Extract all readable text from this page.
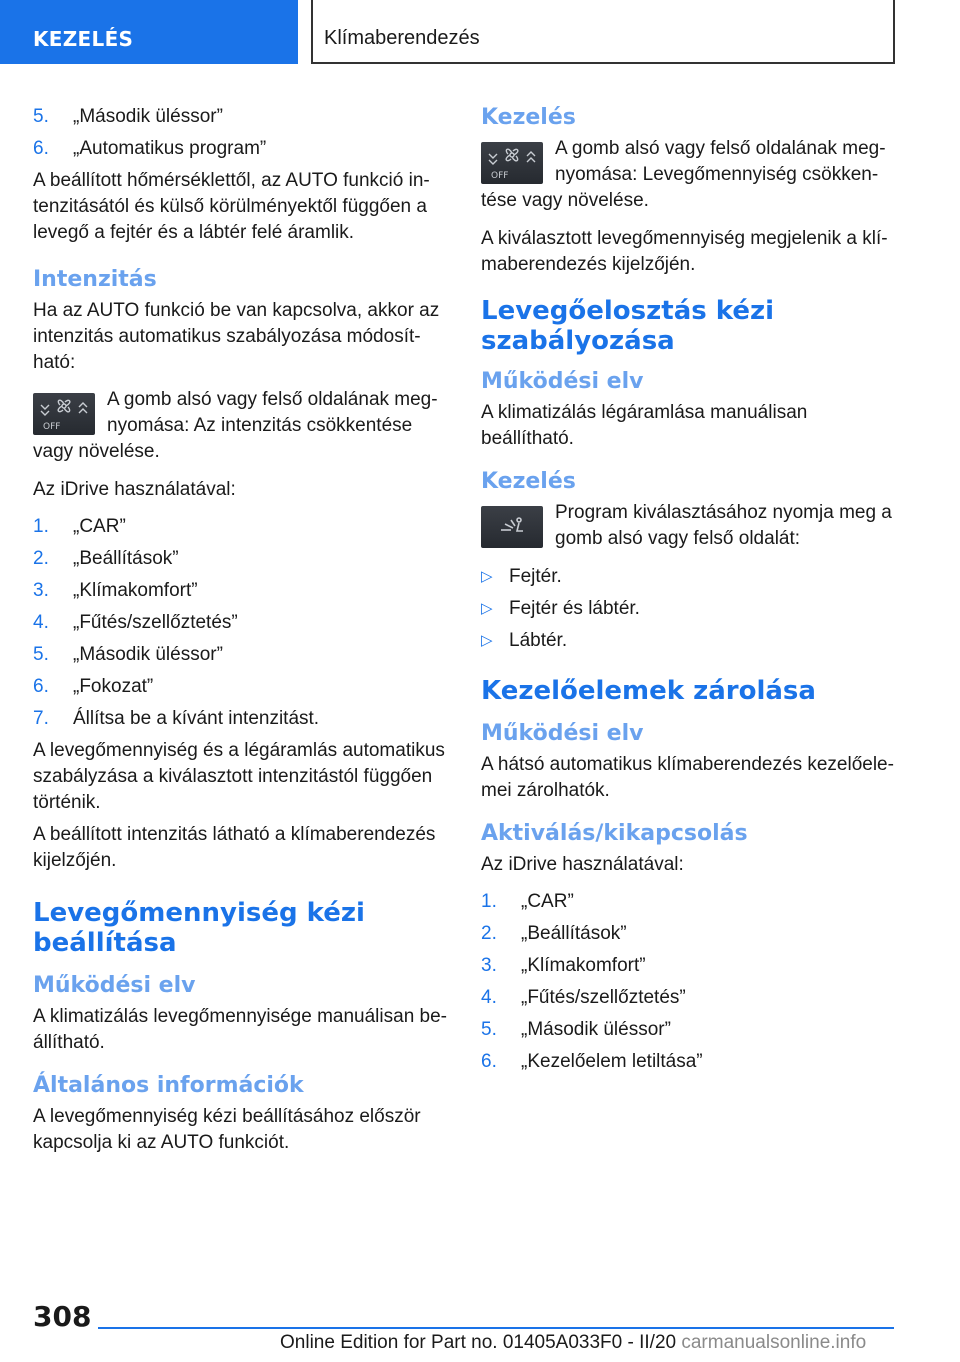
KEZELÉS	Klímaberendezés
5. „Második üléssor”
6. „Automatikus program”

A beállított hőmérséklettől, az AUTO funkció in-tenzitásától és külső körülményektől függően a levegő a fejtér és a lábtér felé áramlik.

Intenzitás

Ha az AUTO funkció be van kapcsolva, akkor az intenzitás automatikus szabályozása módosít-ható:

OFF
A gomb alsó vagy felső oldalának meg-nyomása: Az intenzitás csökkentése vagy növelése.

Az iDrive használatával:

1. „CAR”
2. „Beállítások”
3. „Klímakomfort”
4. „Fűtés/szellőztetés”
5. „Második üléssor”
6. „Fokozat”
7. Állítsa be a kívánt intenzitást.

A levegőmennyiség és a légáramlás automatikus szabályzása a kiválasztott intenzitástól függően történik.

A beállított intenzitás látható a klímaberendezés kijelzőjén.

Levegőmennyiség kézi beállítása
Működési elv

A klimatizálás levegőmennyisége manuálisan be-állítható.

Általános információk

A levegőmennyiség kézi beállításához először kapcsolja ki az AUTO funkciót.

Kezelés
OFF
A gomb alsó vagy felső oldalának meg-nyomása: Levegőmennyiség csökken-tése vagy növelése.

A kiválasztott levegőmennyiség megjelenik a klí-maberendezés kijelzőjén.

Levegőelosztás kézi szabályozása
Működési elv

A klimatizálás légáramlása manuálisan beállítható.

Kezelés
Program kiválasztásához nyomja meg a gomb alsó vagy felső oldalát:
▷ Fejtér.
▷ Fejtér és lábtér.
▷ Lábtér.
Kezelőelemek zárolása
Működési elv

A hátsó automatikus klímaberendezés kezelőele-mei zárolhatók.

Aktiválás/kikapcsolás

Az iDrive használatával:

1. „CAR”
2. „Beállítások”
3. „Klímakomfort”
4. „Fűtés/szellőztetés”
5. „Második üléssor”
6. „Kezelőelem letiltása”
308
Online Edition for Part no. 01405A033F0 - II/20 carmanualsonline.info
